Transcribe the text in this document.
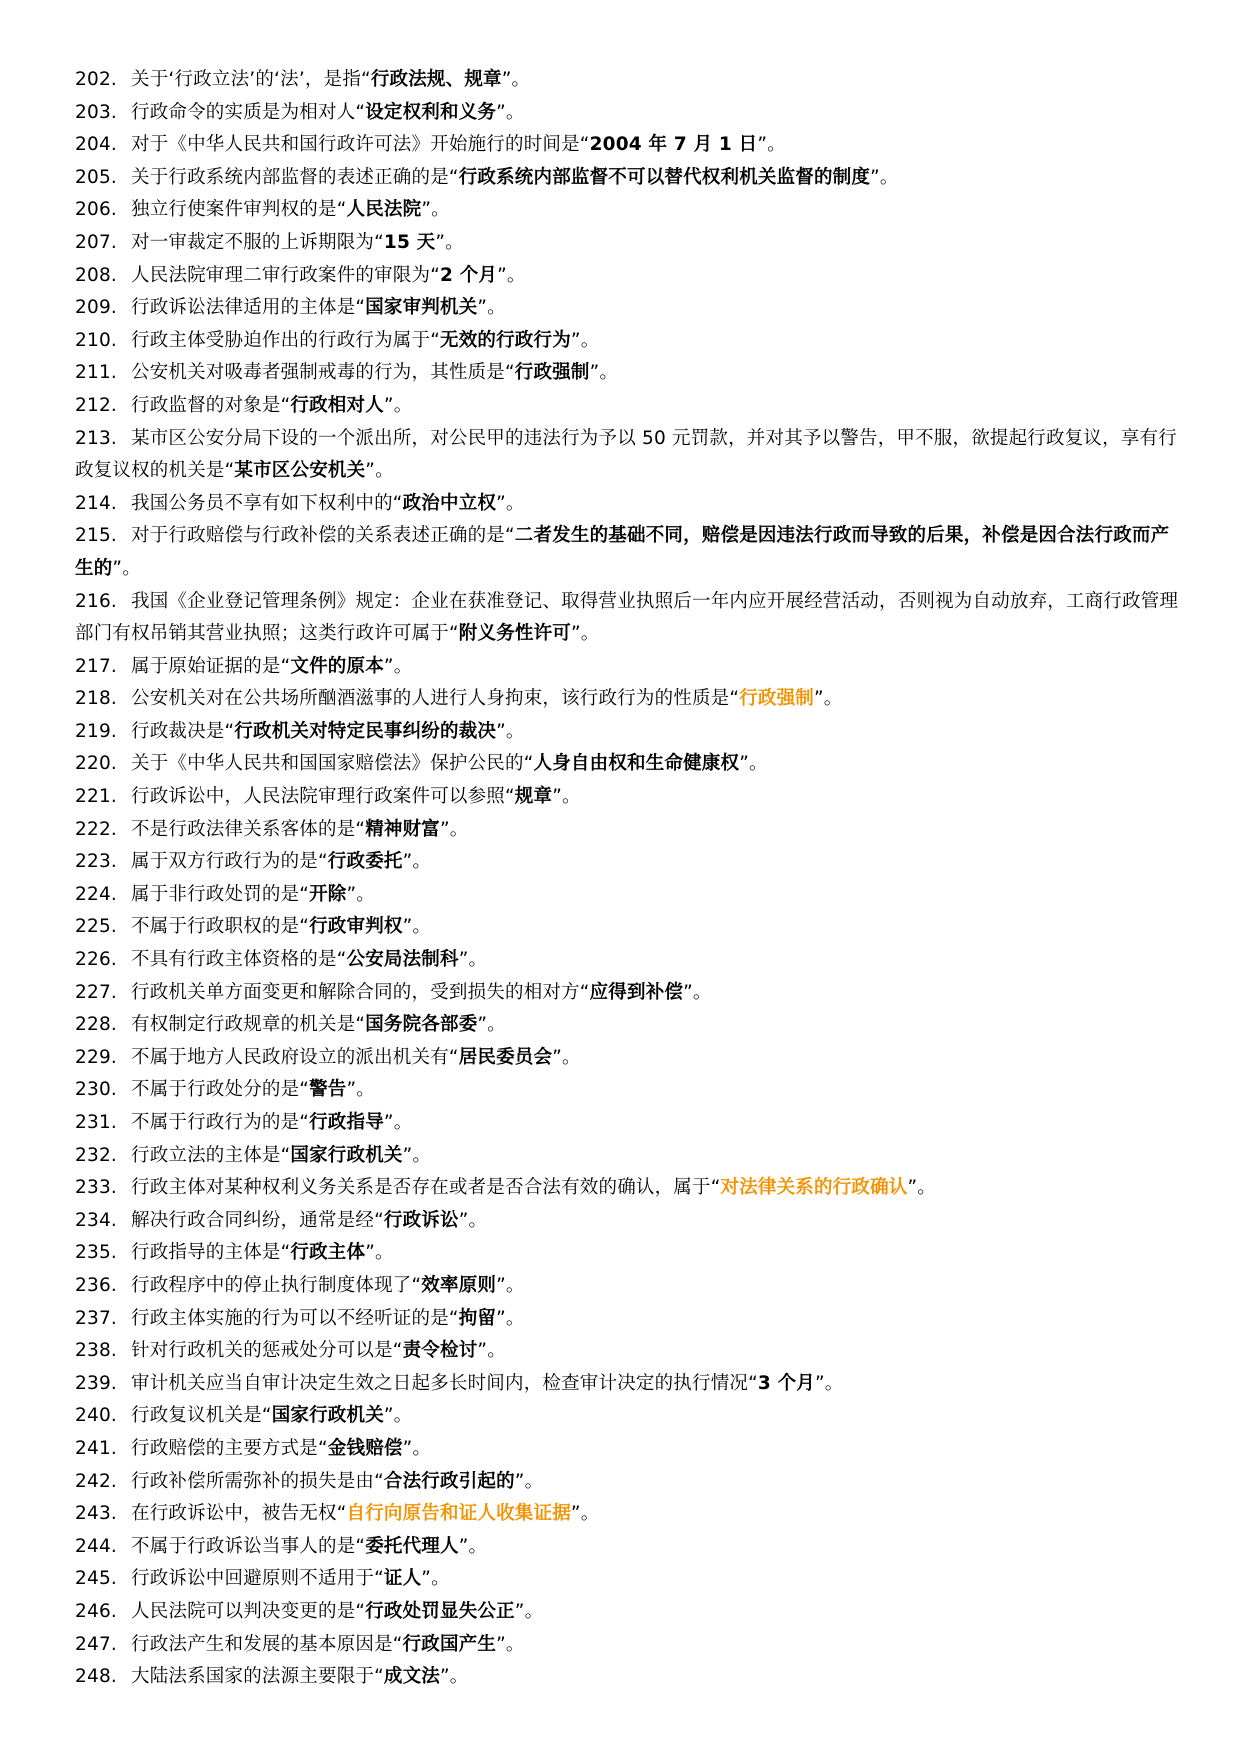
202. 关于‘行政立法’的‘法’，是指“行政法规、规章”。
203. 行政命令的实质是为相对人“设定权利和义务”。
204. 对于《中华人民共和国行政许可法》开始施行的时间是“2004 年 7 月 1 日”。
205. 关于行政系统内部监督的表述正确的是“行政系统内部监督不可以替代权利机关监督的制度”。
206. 独立行使案件审判权的是“人民法院”。
207. 对一审裁定不服的上诉期限为“15 天”。
208. 人民法院审理二审行政案件的审限为“2 个月”。
209. 行政诉讼法律适用的主体是“国家审判机关”。
210. 行政主体受胁迫作出的行政行为属于“无效的行政行为”。
211. 公安机关对吸毒者强制戒毒的行为，其性质是“行政强制”。
212. 行政监督的对象是“行政相对人”。
213. 某市区公安分局下设的一个派出所，对公民甲的违法行为予以 50 元罚款，并对其予以警告，甲不服，欲提起行政复议，享有行政复议权的机关是“某市区公安机关”。
214. 我国公务员不享有如下权利中的“政治中立权”。
215. 对于行政赔偿与行政补偿的关系表述正确的是“二者发生的基础不同，赔偿是因违法行政而导致的后果，补偿是因合法行政而产生的”。
216. 我国《企业登记管理条例》规定：企业在获准登记、取得营业执照后一年内应开展经营活动，否则视为自动放弃，工商行政管理部门有权吊销其营业执照；这类行政许可属于“附义务性许可”。
217. 属于原始证据的是“文件的原本”。
218. 公安机关对在公共场所酗酒滋事的人进行人身拘束，该行政行为的性质是“行政强制”。
219. 行政裁决是“行政机关对特定民事纠纷的裁决”。
220. 关于《中华人民共和国国家赔偿法》保护公民的“人身自由权和生命健康权”。
221. 行政诉讼中，人民法院审理行政案件可以参照“规章”。
222. 不是行政法律关系客体的是“精神财富”。
223. 属于双方行政行为的是“行政委托”。
224. 属于非行政处罚的是“开除”。
225. 不属于行政职权的是“行政审判权”。
226. 不具有行政主体资格的是“公安局法制科”。
227. 行政机关单方面变更和解除合同的，受到损失的相对方“应得到补偿”。
228. 有权制定行政规章的机关是“国务院各部委”。
229. 不属于地方人民政府设立的派出机关有“居民委员会”。
230. 不属于行政处分的是“警告”。
231. 不属于行政行为的是“行政指导”。
232. 行政立法的主体是“国家行政机关”。
233. 行政主体对某种权利义务关系是否存在或者是否合法有效的确认，属于“对法律关系的行政确认”。
234. 解决行政合同纠纷，通常是经“行政诉讼”。
235. 行政指导的主体是“行政主体”。
236. 行政程序中的停止执行制度体现了“效率原则”。
237. 行政主体实施的行为可以不经听证的是“拘留”。
238. 针对行政机关的惩戒处分可以是“责令检讨”。
239. 审计机关应当自审计决定生效之日起多长时间内，检查审计决定的执行情况“3 个月”。
240. 行政复议机关是“国家行政机关”。
241. 行政赔偿的主要方式是“金钱赔偿”。
242. 行政补偿所需弥补的损失是由“合法行政引起的”。
243. 在行政诉讼中，被告无权“自行向原告和证人收集证据”。
244. 不属于行政诉讼当事人的是“委托代理人”。
245. 行政诉讼中回避原则不适用于“证人”。
246. 人民法院可以判决变更的是“行政处罚显失公正”。
247. 行政法产生和发展的基本原因是“行政国产生”。
248. 大陆法系国家的法源主要限于“成文法”。
